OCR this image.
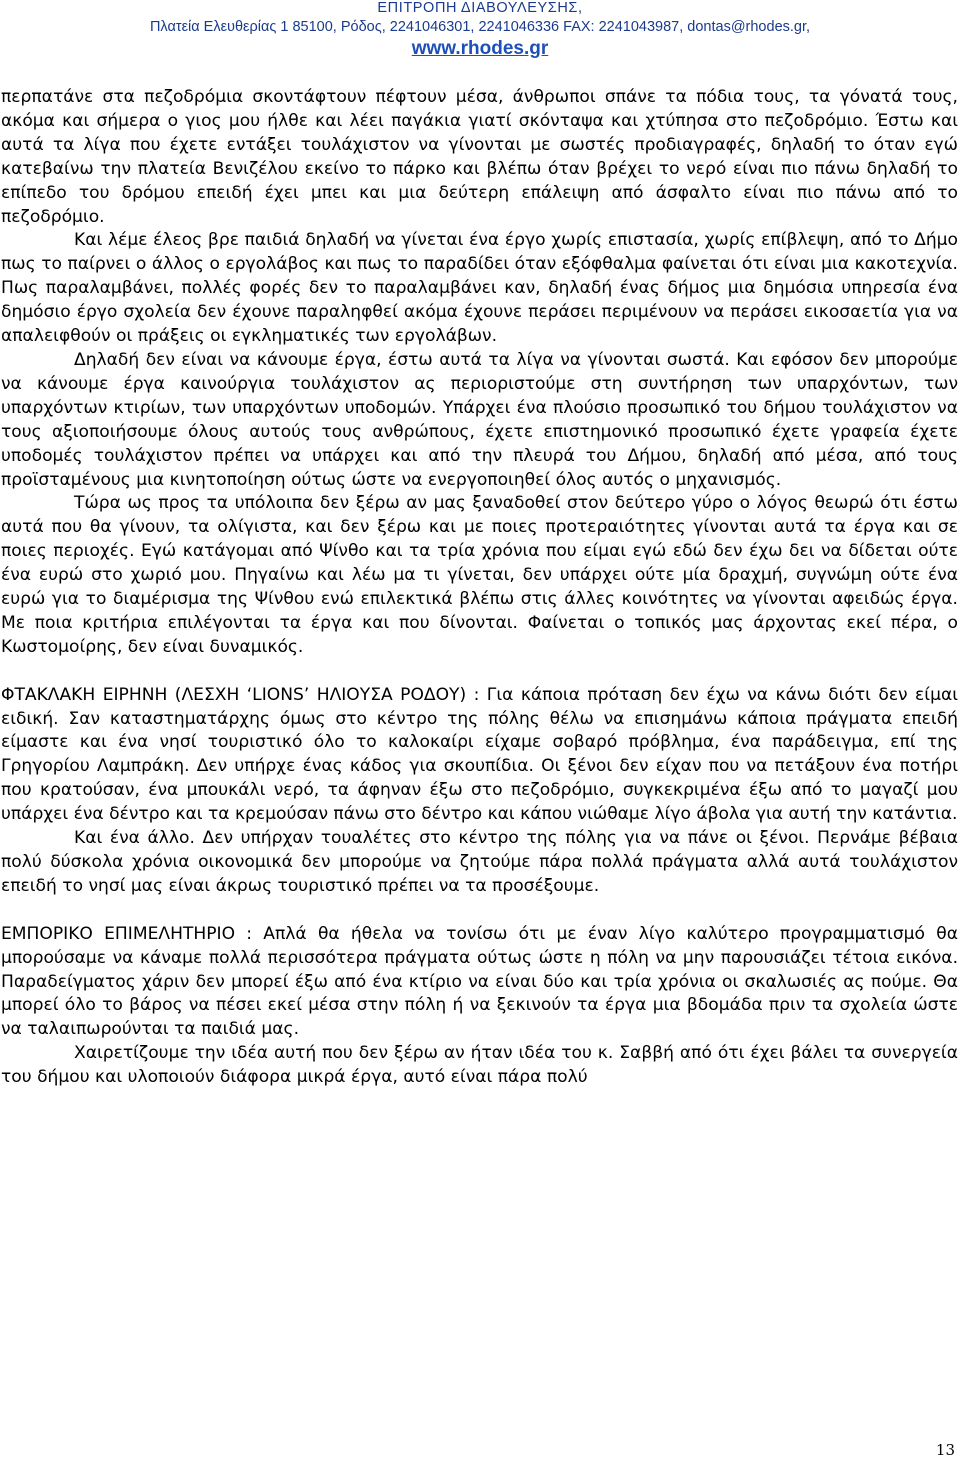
ΕΠΙΤΡΟΠΗ ΔΙΑΒΟΥΛΕΥΣΗΣ,
Πλατεία Ελευθερίας 1 85100, Ρόδος, 2241046301, 2241046336 FAX: 2241043987, dontas@rhodes.gr,
www.rhodes.gr

περπατάνε στα πεζοδρόμια σκοντάφτουν πέφτουν μέσα, άνθρωποι σπάνε τα πόδια τους, τα γόνατά τους, ακόμα και σήμερα ο γιος μου ήλθε και λέει παγάκια γιατί σκόνταψα και χτύπησα στο πεζοδρόμιο. Έστω και αυτά τα λίγα που έχετε εντάξει τουλάχιστον να γίνονται με σωστές προδιαγραφές, δηλαδή το όταν εγώ κατεβαίνω την πλατεία Βενιζέλου εκείνο το πάρκο και βλέπω όταν βρέχει το νερό είναι πιο πάνω δηλαδή το επίπεδο του δρόμου επειδή έχει μπει και μια δεύτερη επάλειψη από άσφαλτο είναι πιο πάνω από το πεζοδρόμιο.

Και λέμε έλεος βρε παιδιά δηλαδή να γίνεται ένα έργο χωρίς επιστασία, χωρίς επίβλεψη, από το Δήμο πως το παίρνει ο άλλος ο εργολάβος και πως το παραδίδει όταν εξόφθαλμα φαίνεται ότι είναι μια κακοτεχνία. Πως παραλαμβάνει, πολλές φορές δεν το παραλαμβάνει καν, δηλαδή ένας δήμος μια δημόσια υπηρεσία ένα δημόσιο έργο σχολεία δεν έχουνε παραληφθεί ακόμα έχουνε περάσει περιμένουν να περάσει εικοσαετία για να απαλειφθούν οι πράξεις οι εγκληματικές των εργολάβων.

Δηλαδή δεν είναι να κάνουμε έργα, έστω αυτά τα λίγα να γίνονται σωστά. Και εφόσον δεν μπορούμε να κάνουμε έργα καινούργια τουλάχιστον ας περιοριστούμε στη συντήρηση των υπαρχόντων, των υπαρχόντων κτιρίων, των υπαρχόντων υποδομών. Υπάρχει ένα πλούσιο προσωπικό του δήμου τουλάχιστον να τους αξιοποιήσουμε όλους αυτούς τους ανθρώπους, έχετε επιστημονικό προσωπικό έχετε γραφεία έχετε υποδομές τουλάχιστον πρέπει να υπάρχει και από την πλευρά του Δήμου, δηλαδή από μέσα, από τους προϊσταμένους μια κινητοποίηση ούτως ώστε να ενεργοποιηθεί όλος αυτός ο μηχανισμός.

Τώρα ως προς τα υπόλοιπα δεν ξέρω αν μας ξαναδοθεί στον δεύτερο γύρο ο λόγος θεωρώ ότι έστω αυτά που θα γίνουν, τα ολίγιστα, και δεν ξέρω και με ποιες προτεραιότητες γίνονται αυτά τα έργα και σε ποιες περιοχές. Εγώ κατάγομαι από Ψίνθο και τα τρία χρόνια που είμαι εγώ εδώ δεν έχω δει να δίδεται ούτε ένα ευρώ στο χωριό μου. Πηγαίνω και λέω μα τι γίνεται, δεν υπάρχει ούτε μία δραχμή, συγνώμη ούτε ένα ευρώ για το διαμέρισμα της Ψίνθου ενώ επιλεκτικά βλέπω στις άλλες κοινότητες να γίνονται αφειδώς έργα. Με ποια κριτήρια επιλέγονται τα έργα και που δίνονται. Φαίνεται ο τοπικός μας άρχοντας εκεί πέρα, ο Κωστομοίρης, δεν είναι δυναμικός.

ΦΤΑΚΛΑΚΗ ΕΙΡΗΝΗ (ΛΕΣΧΗ ‘LIONS’ ΗΛΙΟΥΣΑ ΡΟΔΟΥ) : Για κάποια πρόταση δεν έχω να κάνω διότι δεν είμαι ειδική. Σαν καταστηματάρχης όμως στο κέντρο της πόλης θέλω να επισημάνω κάποια πράγματα επειδή είμαστε και ένα νησί τουριστικό όλο το καλοκαίρι είχαμε σοβαρό πρόβλημα, ένα παράδειγμα, επί της Γρηγορίου Λαμπράκη. Δεν υπήρχε ένας κάδος για σκουπίδια. Οι ξένοι δεν είχαν που να πετάξουν ένα ποτήρι που κρατούσαν, ένα μπουκάλι νερό, τα άφηναν έξω στο πεζοδρόμιο, συγκεκριμένα έξω από το μαγαζί μου υπάρχει ένα δέντρο και τα κρεμούσαν πάνω στο δέντρο και κάπου νιώθαμε λίγο άβολα για αυτή την κατάντια.

Και ένα άλλο. Δεν υπήρχαν τουαλέτες στο κέντρο της πόλης για να πάνε οι ξένοι. Περνάμε βέβαια πολύ δύσκολα χρόνια οικονομικά δεν μπορούμε να ζητούμε πάρα πολλά πράγματα αλλά αυτά τουλάχιστον επειδή το νησί μας είναι άκρως τουριστικό πρέπει να τα προσέξουμε.

ΕΜΠΟΡΙΚΟ ΕΠΙΜΕΛΗΤΗΡΙΟ : Απλά θα ήθελα να τονίσω ότι με έναν λίγο καλύτερο προγραμματισμό θα μπορούσαμε να κάναμε πολλά περισσότερα πράγματα ούτως ώστε η πόλη να μην παρουσιάζει τέτοια εικόνα. Παραδείγματος χάριν δεν μπορεί έξω από ένα κτίριο να είναι δύο και τρία χρόνια οι σκαλωσιές ας πούμε. Θα μπορεί όλο το βάρος να πέσει εκεί μέσα στην πόλη ή να ξεκινούν τα έργα μια βδομάδα πριν τα σχολεία ώστε να ταλαιπωρούνται τα παιδιά μας.

Χαιρετίζουμε την ιδέα αυτή που δεν ξέρω αν ήταν ιδέα του κ. Σαββή από ότι έχει βάλει τα συνεργεία του δήμου και υλοποιούν διάφορα μικρά έργα, αυτό είναι πάρα πολύ

13
